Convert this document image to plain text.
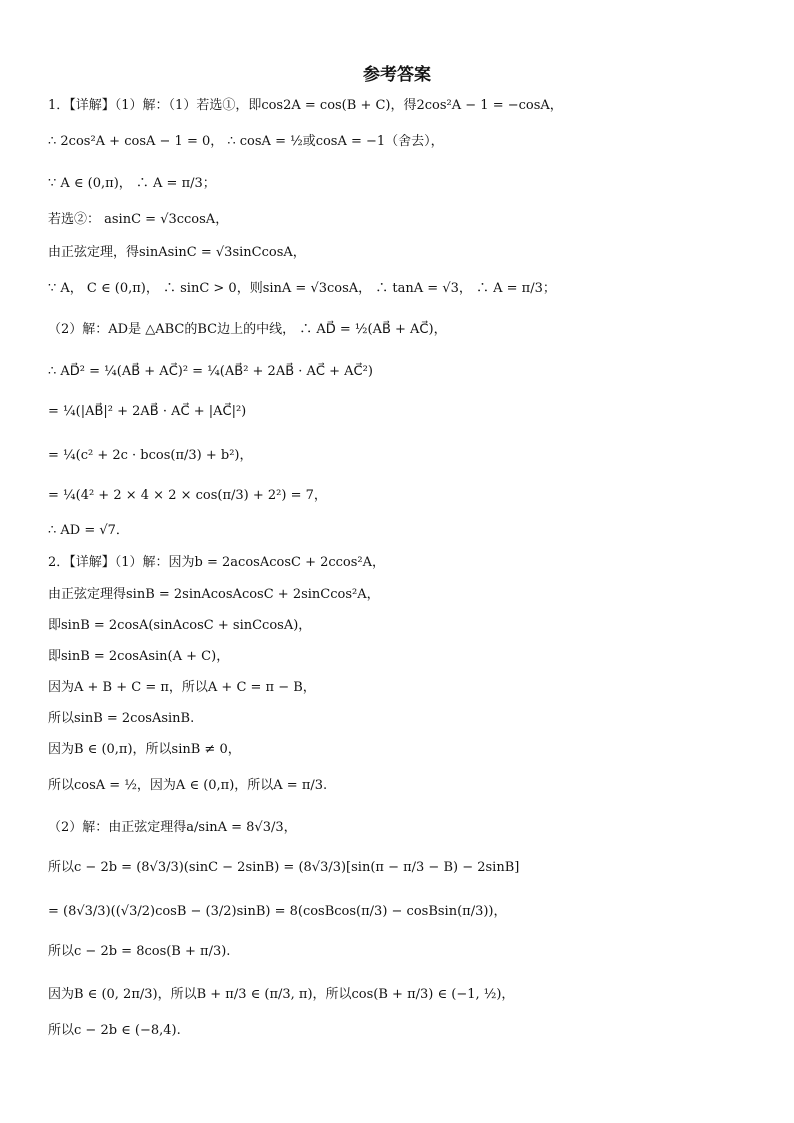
参考答案
1．【详解】（1）解：（1）若选①，即cos2A = cos(B + C)，得2cos²A − 1 = −cosA，
∴ 2cos²A + cosA − 1 = 0， ∴ cosA = ½或cosA = −1（舍去），
∵ A ∈ (0,π)， ∴ A = π/3；
若选②： asinC = √3ccosA，
由正弦定理，得sinAsinC = √3sinCcosA，
∵ A， C ∈ (0,π)， ∴ sinC > 0，则sinA = √3cosA， ∴ tanA = √3， ∴ A = π/3；
（2）解：AD是 △ABC的BC边上的中线， ∴ AD⃗ = ½(AB⃗ + AC⃗)，
∴ AD⃗² = ¼(AB⃗ + AC⃗)² = ¼(AB⃗² + 2AB⃗ · AC⃗ + AC⃗²)
= ¼(|AB⃗|² + 2AB⃗ · AC⃗ + |AC⃗|²)
= ¼(c² + 2c · bcos(π/3) + b²)，
= ¼(4² + 2 × 4 × 2 × cos(π/3) + 2²) = 7，
∴ AD = √7．
2．【详解】（1）解：因为b = 2acosAcosC + 2ccos²A，
由正弦定理得sinB = 2sinAcosAcosC + 2sinCcos²A，
即sinB = 2cosA(sinAcosC + sinCcosA)，
即sinB = 2cosAsin(A + C)，
因为A + B + C = π，所以A + C = π − B，
所以sinB = 2cosAsinB.
因为B ∈ (0,π)，所以sinB ≠ 0，
所以cosA = ½，因为A ∈ (0,π)，所以A = π/3.
（2）解：由正弦定理得a/sinA = 8√3/3，
所以c − 2b = (8√3/3)(sinC − 2sinB) = (8√3/3)[sin(π − π/3 − B) − 2sinB]
= (8√3/3)((√3/2)cosB − (3/2)sinB) = 8(cosBcos(π/3) − cosBsin(π/3))，
所以c − 2b = 8cos(B + π/3).
因为B ∈ (0, 2π/3)，所以B + π/3 ∈ (π/3, π)，所以cos(B + π/3) ∈ (−1, ½)，
所以c − 2b ∈ (−8,4).
